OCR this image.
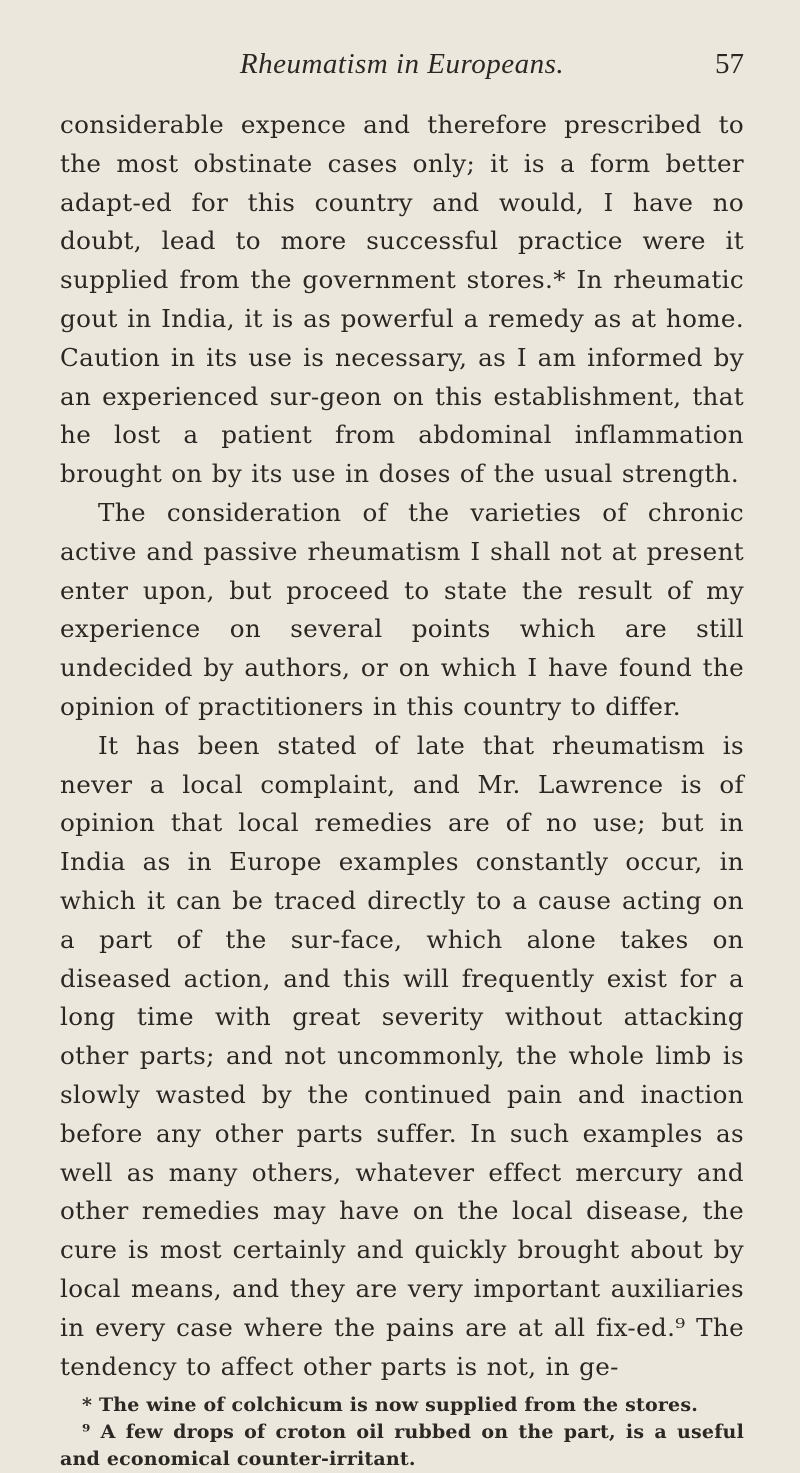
Rheumatism in Europeans.	57

considerable expence and therefore prescribed to the most obstinate cases only; it is a form better adapt-ed for this country and would, I have no doubt, lead to more successful practice were it supplied from the government stores.* In rheumatic gout in India, it is as powerful a remedy as at home. Caution in its use is necessary, as I am informed by an experienced sur-geon on this establishment, that he lost a patient from abdominal inflammation brought on by its use in doses of the usual strength.

The consideration of the varieties of chronic active and passive rheumatism I shall not at present enter upon, but proceed to state the result of my experience on several points which are still undecided by authors, or on which I have found the opinion of practitioners in this country to differ.

It has been stated of late that rheumatism is never a local complaint, and Mr. Lawrence is of opinion that local remedies are of no use; but in India as in Europe examples constantly occur, in which it can be traced directly to a cause acting on a part of the sur-face, which alone takes on diseased action, and this will frequently exist for a long time with great severity without attacking other parts; and not uncommonly, the whole limb is slowly wasted by the continued pain and inaction before any other parts suffer. In such examples as well as many others, whatever effect mercury and other remedies may have on the local disease, the cure is most certainly and quickly brought about by local means, and they are very important auxiliaries in every case where the pains are at all fix-ed.⁹ The tendency to affect other parts is not, in ge-

* The wine of colchicum is now supplied from the stores.

⁹ A few drops of croton oil rubbed on the part, is a useful and economical counter-irritant.
